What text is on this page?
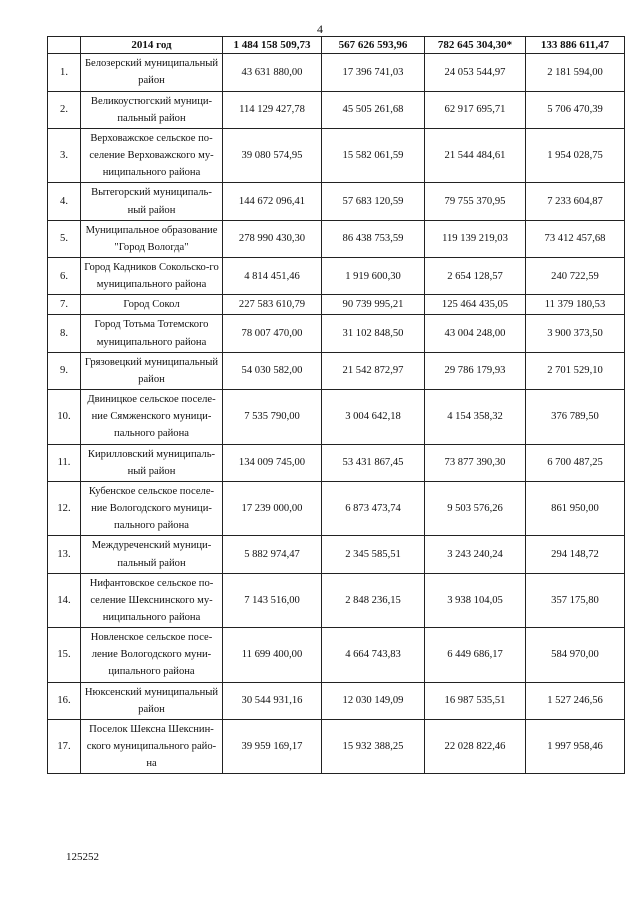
4
	2014 год	1 484 158 509,73	567 626 593,96	782 645 304,30*	133 886 611,47
1.	Белозерский муниципальный район	43 631 880,00	17 396 741,03	24 053 544,97	2 181 594,00
2.	Великоустюгский муници-пальный район	114 129 427,78	45 505 261,68	62 917 695,71	5 706 470,39
3.	Верховажское сельское по-селение Верховажского му-ниципального района	39 080 574,95	15 582 061,59	21 544 484,61	1 954 028,75
4.	Вытегорский муниципаль-ный район	144 672 096,41	57 683 120,59	79 755 370,95	7 233 604,87
5.	Муниципальное образование "Город Вологда"	278 990 430,30	86 438 753,59	119 139 219,03	73 412 457,68
6.	Город Кадников Сокольско-го муниципального района	4 814 451,46	1 919 600,30	2 654 128,57	240 722,59
7.	Город Сокол	227 583 610,79	90 739 995,21	125 464 435,05	11 379 180,53
8.	Город Тотьма Тотемского муниципального района	78 007 470,00	31 102 848,50	43 004 248,00	3 900 373,50
9.	Грязовецкий муниципальный район	54 030 582,00	21 542 872,97	29 786 179,93	2 701 529,10
10.	Двиницкое сельское поселе-ние Сямженского муници-пального района	7 535 790,00	3 004 642,18	4 154 358,32	376 789,50
11.	Кирилловский муниципаль-ный район	134 009 745,00	53 431 867,45	73 877 390,30	6 700 487,25
12.	Кубенское сельское поселе-ние Вологодского муници-пального района	17 239 000,00	6 873 473,74	9 503 576,26	861 950,00
13.	Междуреченский муници-пальный район	5 882 974,47	2 345 585,51	3 243 240,24	294 148,72
14.	Нифантовское сельское по-селение Шекснинского му-ниципального района	7 143 516,00	2 848 236,15	3 938 104,05	357 175,80
15.	Новленское сельское посе-ление Вологодского муни-ципального района	11 699 400,00	4 664 743,83	6 449 686,17	584 970,00
16.	Нюксенский муниципальный район	30 544 931,16	12 030 149,09	16 987 535,51	1 527 246,56
17.	Поселок Шексна Шекснин-ского муниципального райо-на	39 959 169,17	15 932 388,25	22 028 822,46	1 997 958,46
125252
